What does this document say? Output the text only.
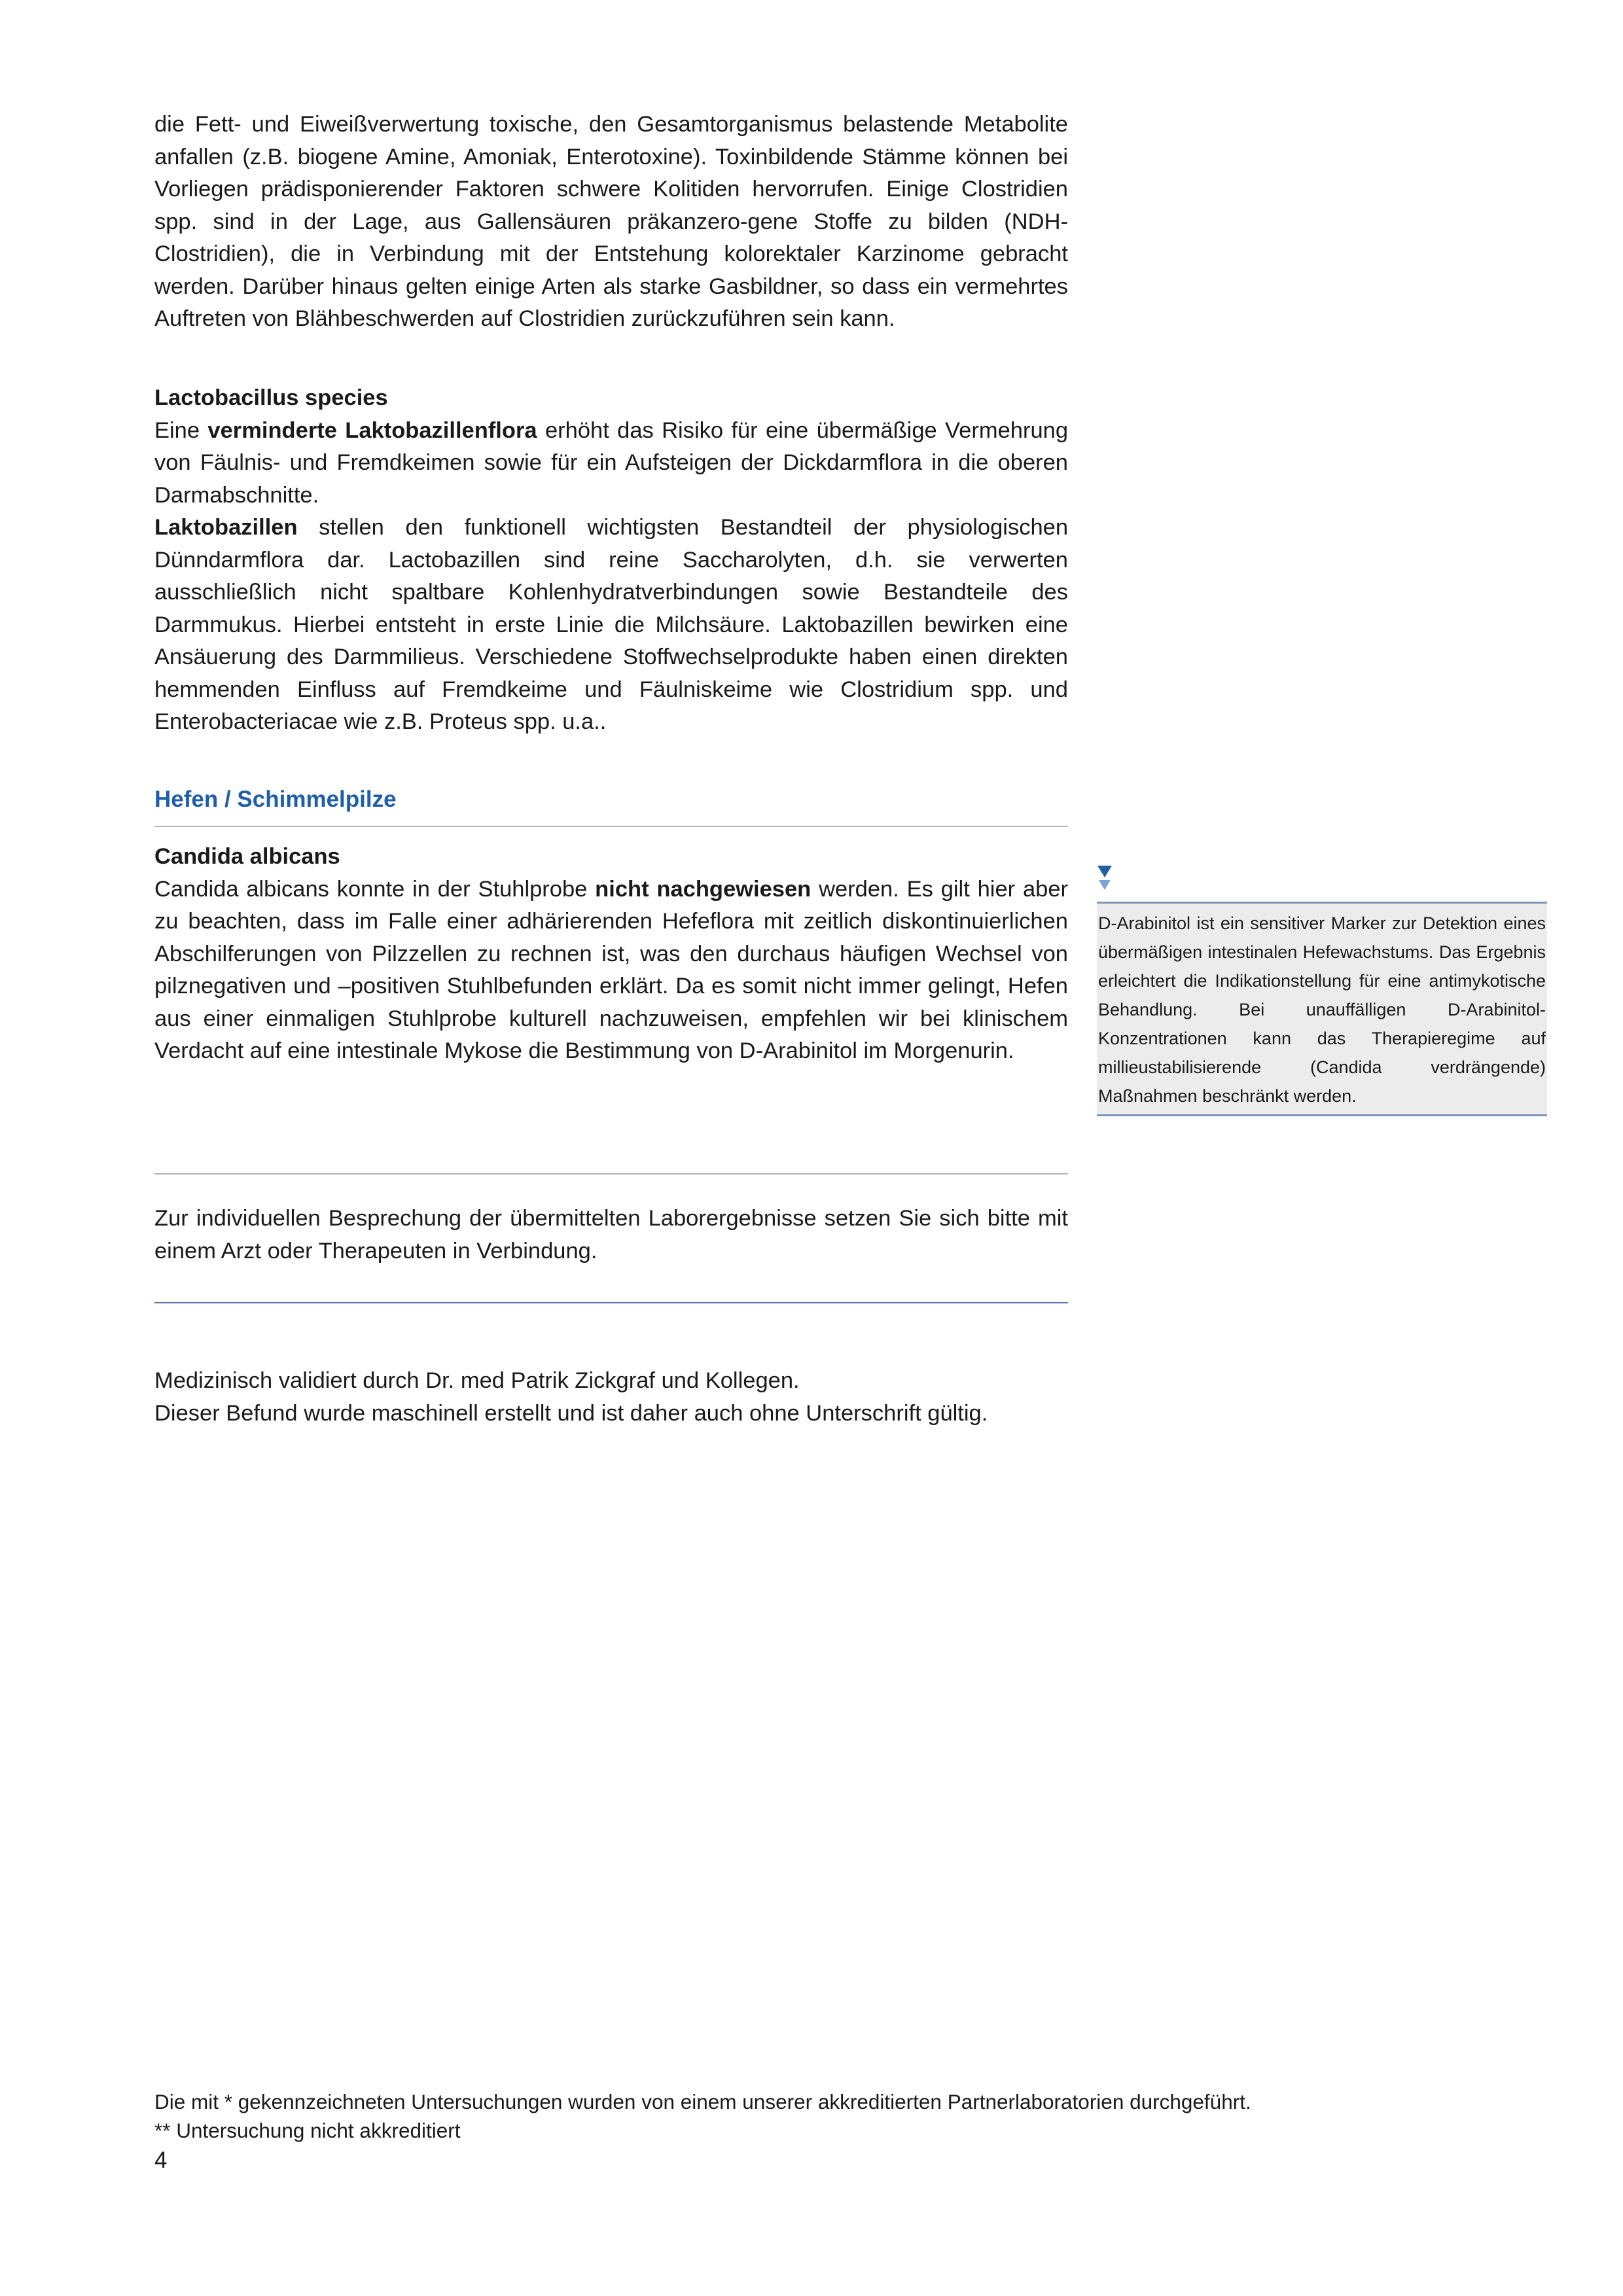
die Fett- und Eiweißverwertung toxische, den Gesamtorganismus belastende Metabolite anfallen (z.B. biogene Amine, Amoniak, Enterotoxine). Toxinbildende Stämme können bei Vorliegen prädisponierender Faktoren schwere Kolitiden hervorrufen. Einige Clostridien spp. sind in der Lage, aus Gallensäuren präkanzero-gene Stoffe zu bilden (NDH-Clostridien), die in Verbindung mit der Entstehung kolorektaler Karzinome gebracht werden. Darüber hinaus gelten einige Arten als starke Gasbildner, so dass ein vermehrtes Auftreten von Blähbeschwerden auf Clostridien zurückzuführen sein kann.

Lactobacillus species

Eine verminderte Laktobazillenflora erhöht das Risiko für eine übermäßige Vermehrung von Fäulnis- und Fremdkeimen sowie für ein Aufsteigen der Dickdarmflora in die oberen Darmabschnitte.

Laktobazillen stellen den funktionell wichtigsten Bestandteil der physiologischen Dünndarmflora dar. Lactobazillen sind reine Saccharolyten, d.h. sie verwerten ausschließlich nicht spaltbare Kohlenhydratverbindungen sowie Bestandteile des Darmmukus. Hierbei entsteht in erste Linie die Milchsäure. Laktobazillen bewirken eine Ansäuerung des Darmmilieus. Verschiedene Stoffwechselprodukte haben einen direkten hemmenden Einfluss auf Fremdkeime und Fäulniskeime wie Clostridium spp. und Enterobacteriacae wie z.B. Proteus spp. u.a..

Hefen / Schimmelpilze

Candida albicans

Candida albicans konnte in der Stuhlprobe nicht nachgewiesen werden. Es gilt hier aber zu beachten, dass im Falle einer adhärierenden Hefeflora mit zeitlich diskontinuierlichen Abschilferungen von Pilzzellen zu rechnen ist, was den durchaus häufigen Wechsel von pilznegativen und –positiven Stuhlbefunden erklärt. Da es somit nicht immer gelingt, Hefen aus einer einmaligen Stuhlprobe kulturell nachzuweisen, empfehlen wir bei klinischem Verdacht auf eine intestinale Mykose die Bestimmung von D-Arabinitol im Morgenurin.

D-Arabinitol ist ein sensitiver Marker zur Detektion eines übermäßigen intestinalen Hefewachstums. Das Ergebnis erleichtert die Indikationstellung für eine antimykotische Behandlung. Bei unauffälligen D-Arabinitol-Konzentrationen kann das Therapieregime auf millieustabilisierende (Candida verdrängende) Maßnahmen beschränkt werden.

Zur individuellen Besprechung der übermittelten Laborergebnisse setzen Sie sich bitte mit einem Arzt oder Therapeuten in Verbindung.

Medizinisch validiert durch Dr. med Patrik Zickgraf und Kollegen.

Dieser Befund wurde maschinell erstellt und ist daher auch ohne Unterschrift gültig.

Die mit * gekennzeichneten Untersuchungen wurden von einem unserer akkreditierten Partnerlaboratorien durchgeführt.
** Untersuchung nicht akkreditiert
4
